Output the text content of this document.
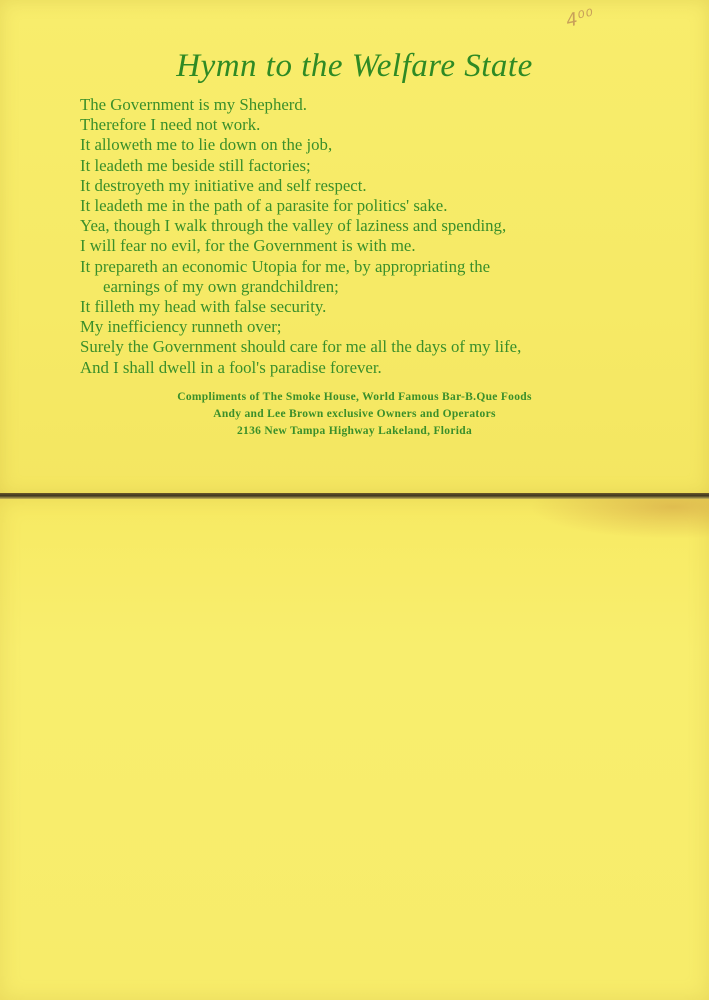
4⁰⁰
Hymn to the Welfare State
The Government is my Shepherd.
Therefore I need not work.
It alloweth me to lie down on the job,
It leadeth me beside still factories;
It destroyeth my initiative and self respect.
It leadeth me in the path of a parasite for politics' sake.
Yea, though I walk through the valley of laziness and spending,
I will fear no evil, for the Government is with me.
It prepareth an economic Utopia for me, by appropriating the
earnings of my own grandchildren;
It filleth my head with false security.
My inefficiency runneth over;
Surely the Government should care for me all the days of my life,
And I shall dwell in a fool's paradise forever.
Compliments of The Smoke House, World Famous Bar-B.Que Foods
Andy and Lee Brown exclusive Owners and Operators
2136 New Tampa Highway Lakeland, Florida
